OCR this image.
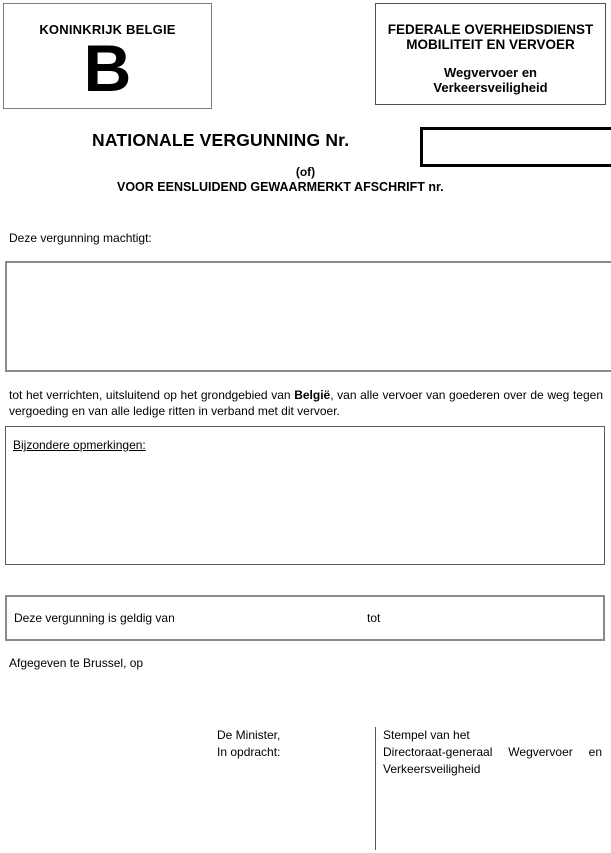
KONINKRIJK BELGIE
B
FEDERALE OVERHEIDSDIENST
MOBILITEIT EN VERVOER
Wegvervoer en
Verkeersveiligheid
NATIONALE VERGUNNING Nr.
(of)
VOOR EENSLUIDEND GEWAARMERKT AFSCHRIFT nr.
Deze vergunning machtigt:

tot het verrichten, uitsluitend op het grondgebied van België, van alle vervoer van goederen over de weg tegen vergoeding en van alle ledige ritten in verband met dit vervoer.

Bijzondere opmerkingen:
Deze vergunning is geldig van	tot
Afgegeven te Brussel, op
De Minister,
In opdracht:
Stempel van het
Directoraat-generaal Wegvervoer en Verkeersveiligheid
